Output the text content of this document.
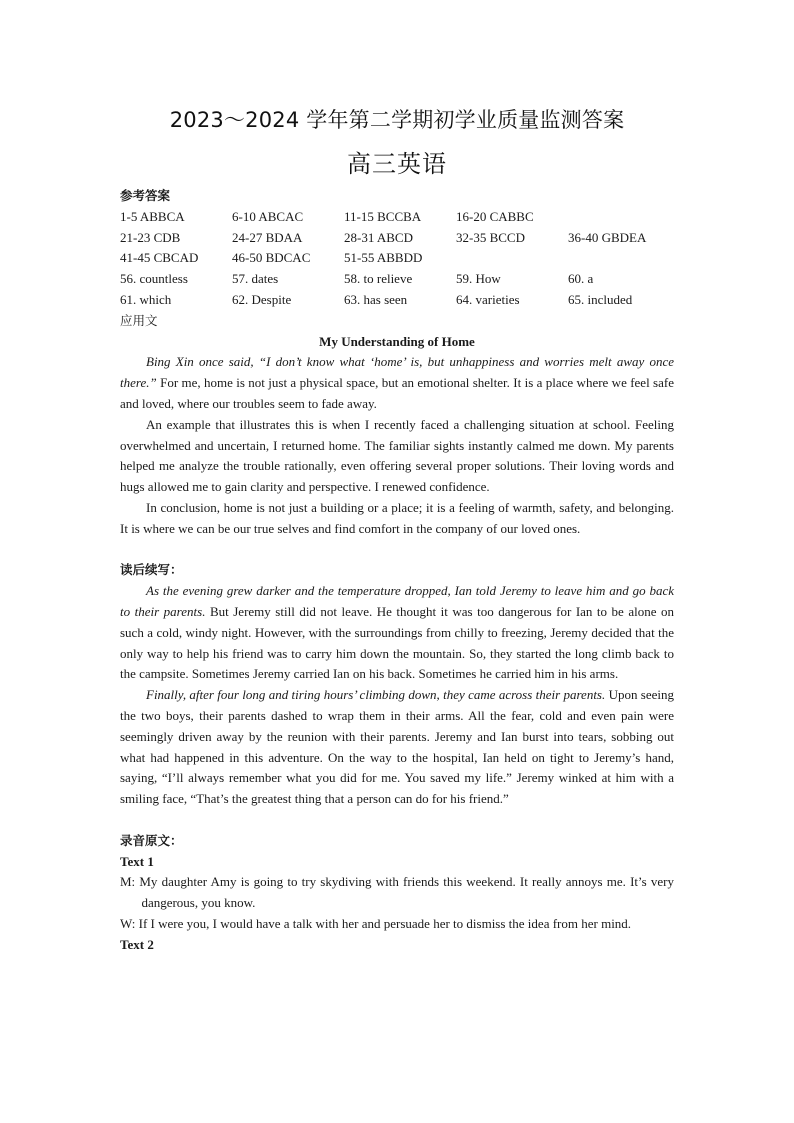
2023～2024 学年第二学期初学业质量监测答案
高三英语
参考答案
1-5 ABBCA	6-10 ABCAC	11-15 BCCBA	16-20 CABBC
21-23 CDB	24-27 BDAA	28-31 ABCD	32-35 BCCD	36-40 GBDEA
41-45 CBCAD	46-50 BDCAC	51-55 ABBDD
56. countless	57. dates	58. to relieve	59. How	60. a
61. which	62. Despite	63. has seen	64. varieties	65. included
应用文
My Understanding of Home

Bing Xin once said, “I don’t know what ‘home’ is, but unhappiness and worries melt away once there.” For me, home is not just a physical space, but an emotional shelter. It is a place where we feel safe and loved, where our troubles seem to fade away.

An example that illustrates this is when I recently faced a challenging situation at school. Feeling overwhelmed and uncertain, I returned home. The familiar sights instantly calmed me down. My parents helped me analyze the trouble rationally, even offering several proper solutions. Their loving words and hugs allowed me to gain clarity and perspective. I renewed confidence.

In conclusion, home is not just a building or a place; it is a feeling of warmth, safety, and belonging. It is where we can be our true selves and find comfort in the company of our loved ones.

读后续写：

As the evening grew darker and the temperature dropped, Ian told Jeremy to leave him and go back to their parents. But Jeremy still did not leave. He thought it was too dangerous for Ian to be alone on such a cold, windy night. However, with the surroundings from chilly to freezing, Jeremy decided that the only way to help his friend was to carry him down the mountain. So, they started the long climb back to the campsite. Sometimes Jeremy carried Ian on his back. Sometimes he carried him in his arms.

Finally, after four long and tiring hours’ climbing down, they came across their parents. Upon seeing the two boys, their parents dashed to wrap them in their arms. All the fear, cold and even pain were seemingly driven away by the reunion with their parents. Jeremy and Ian burst into tears, sobbing out what had happened in this adventure. On the way to the hospital, Ian held on tight to Jeremy’s hand, saying, “I’ll always remember what you did for me. You saved my life.” Jeremy winked at him with a smiling face, “That’s the greatest thing that a person can do for his friend.”

录音原文：
Text 1

M: My daughter Amy is going to try skydiving with friends this weekend. It really annoys me. It’s very dangerous, you know.

W: If I were you, I would have a talk with her and persuade her to dismiss the idea from her mind.

Text 2
